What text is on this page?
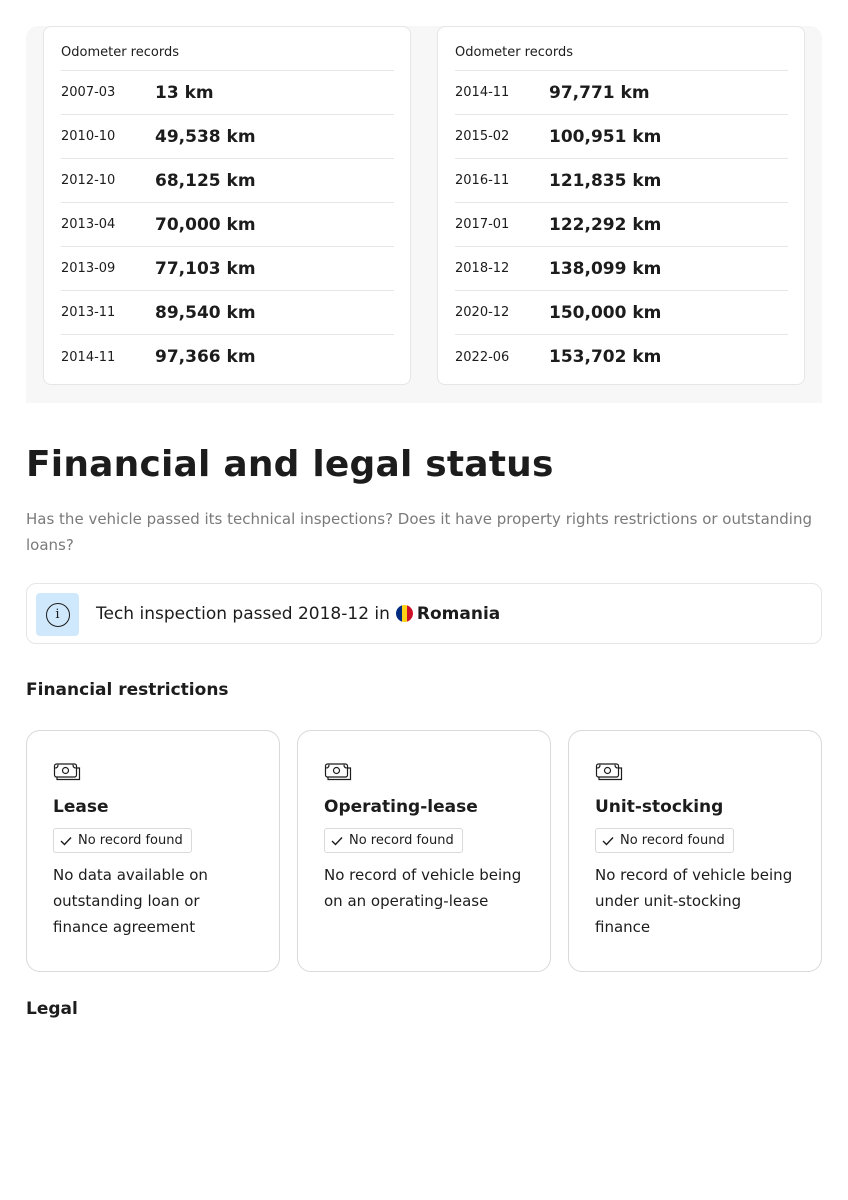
Odometer records
2007-03	13 km
2010-10	49,538 km
2012-10	68,125 km
2013-04	70,000 km
2013-09	77,103 km
2013-11	89,540 km
2014-11	97,366 km
Odometer records
2014-11	97,771 km
2015-02	100,951 km
2016-11	121,835 km
2017-01	122,292 km
2018-12	138,099 km
2020-12	150,000 km
2022-06	153,702 km
Financial and legal status

Has the vehicle passed its technical inspections? Does it have property rights restrictions or outstanding loans?

i	Tech inspection passed 2018-12 in Romania
Financial restrictions
Lease
No record found

No data available on outstanding loan or finance agreement

Operating-lease
No record found

No record of vehicle being on an operating-lease

Unit-stocking
No record found

No record of vehicle being under unit-stocking finance

Legal
